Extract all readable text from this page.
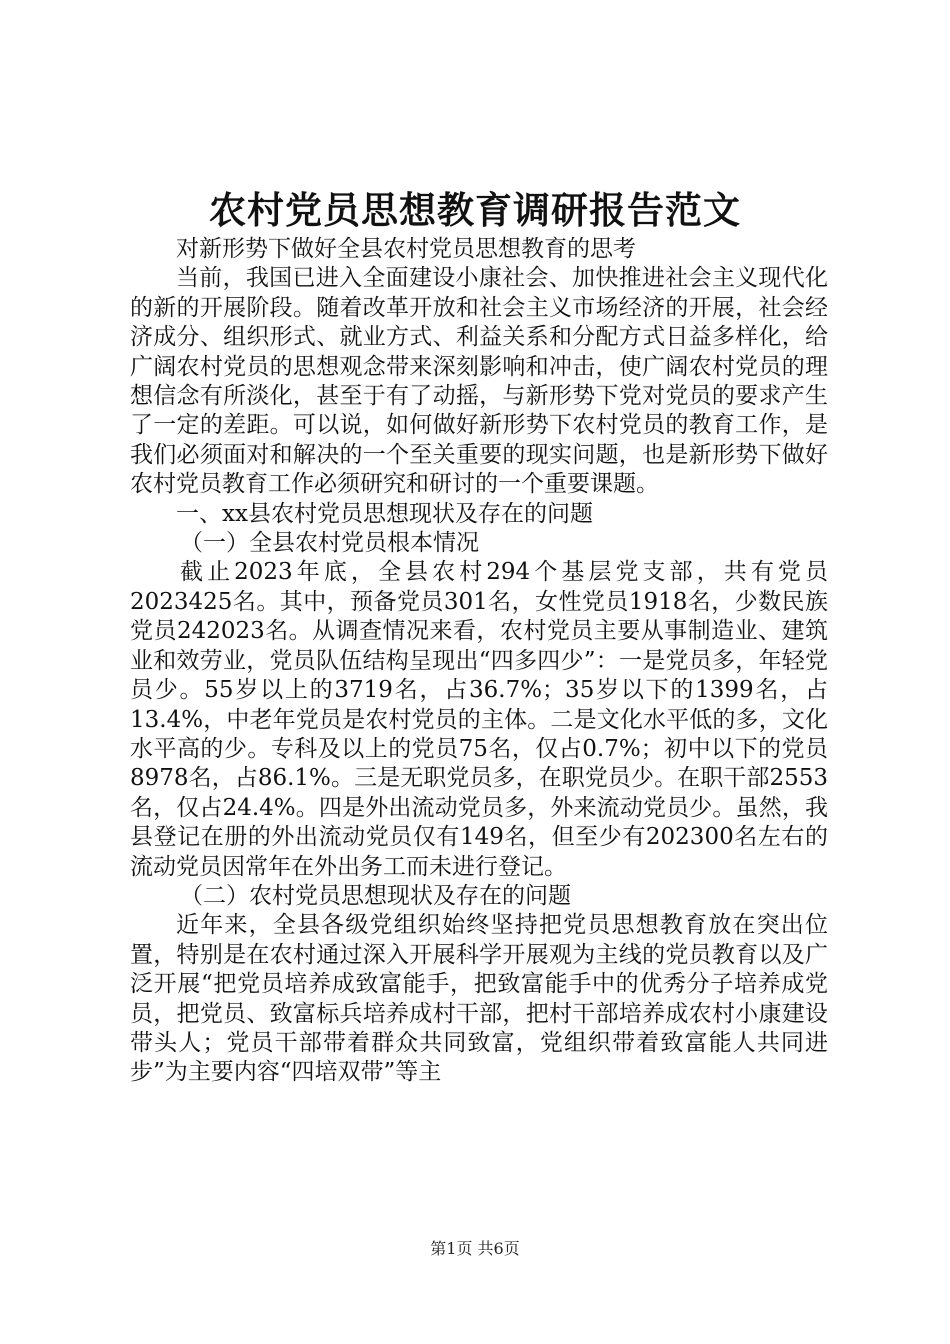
农村党员思想教育调研报告范文

对新形势下做好全县农村党员思想教育的思考

当前，我国已进入全面建设小康社会、加快推进社会主义现代化的新的开展阶段。随着改革开放和社会主义市场经济的开展，社会经济成分、组织形式、就业方式、利益关系和分配方式日益多样化，给广阔农村党员的思想观念带来深刻影响和冲击，使广阔农村党员的理想信念有所淡化，甚至于有了动摇，与新形势下党对党员的要求产生了一定的差距。可以说，如何做好新形势下农村党员的教育工作，是我们必须面对和解决的一个至关重要的现实问题，也是新形势下做好农村党员教育工作必须研究和研讨的一个重要课题。

一、xx县农村党员思想现状及存在的问题

（一）全县农村党员根本情况

截止2023年底，全县农村294个基层党支部，共有党员2023425名。其中，预备党员301名，女性党员1918名，少数民族党员242023名。从调查情况来看，农村党员主要从事制造业、建筑业和效劳业，党员队伍结构呈现出“四多四少”：一是党员多，年轻党员少。55岁以上的3719名，占36.7%；35岁以下的1399名，占13.4%，中老年党员是农村党员的主体。二是文化水平低的多，文化水平高的少。专科及以上的党员75名，仅占0.7%；初中以下的党员8978名，占86.1%。三是无职党员多，在职党员少。在职干部2553名，仅占24.4%。四是外出流动党员多，外来流动党员少。虽然，我县登记在册的外出流动党员仅有149名，但至少有202300名左右的流动党员因常年在外出务工而未进行登记。

（二）农村党员思想现状及存在的问题

近年来，全县各级党组织始终坚持把党员思想教育放在突出位置，特别是在农村通过深入开展科学开展观为主线的党员教育以及广泛开展“把党员培养成致富能手，把致富能手中的优秀分子培养成党员，把党员、致富标兵培养成村干部，把村干部培养成农村小康建设带头人；党员干部带着群众共同致富，党组织带着致富能人共同进步”为主要内容“四培双带”等主

第1页 共6页
